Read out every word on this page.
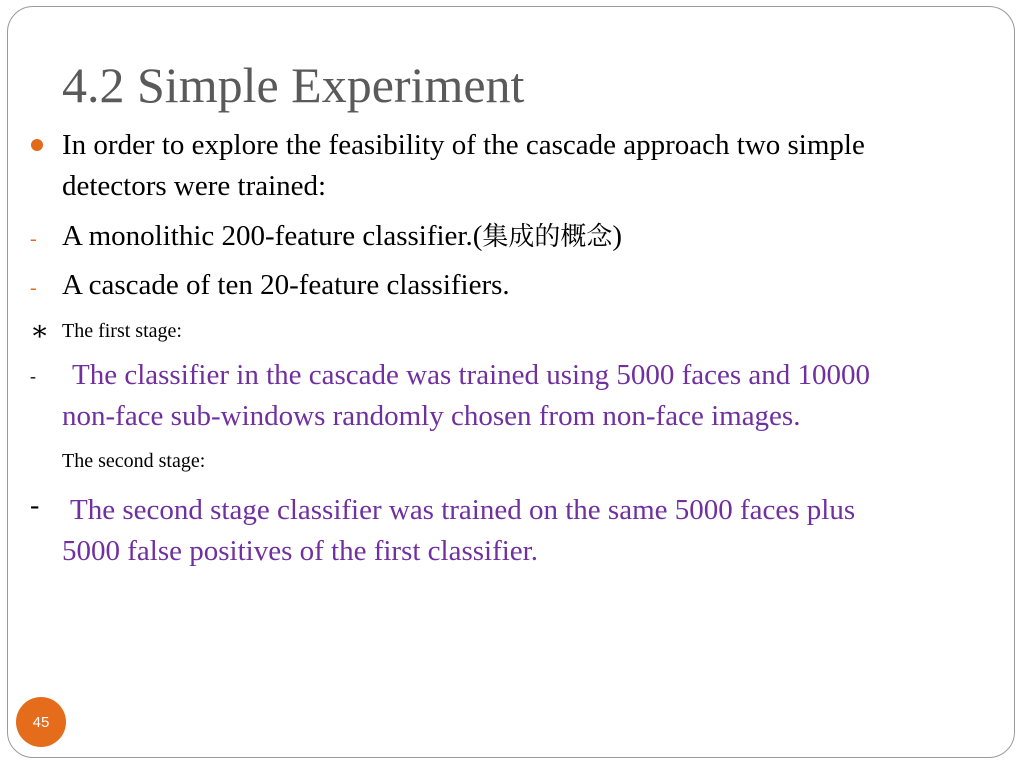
4.2 Simple Experiment
In order to explore the feasibility of the cascade approach two simple
detectors were trained:
- A monolithic 200-feature classifier.(集成的概念)
- A cascade of ten 20-feature classifiers.
∗ The first stage:
-	The classifier in the cascade was trained using 5000 faces and 10000
non-face sub-windows randomly chosen from non-face images.
The second stage:
- The second stage classifier was trained on the same 5000 faces plus
5000 false positives of the first classifier.
45
